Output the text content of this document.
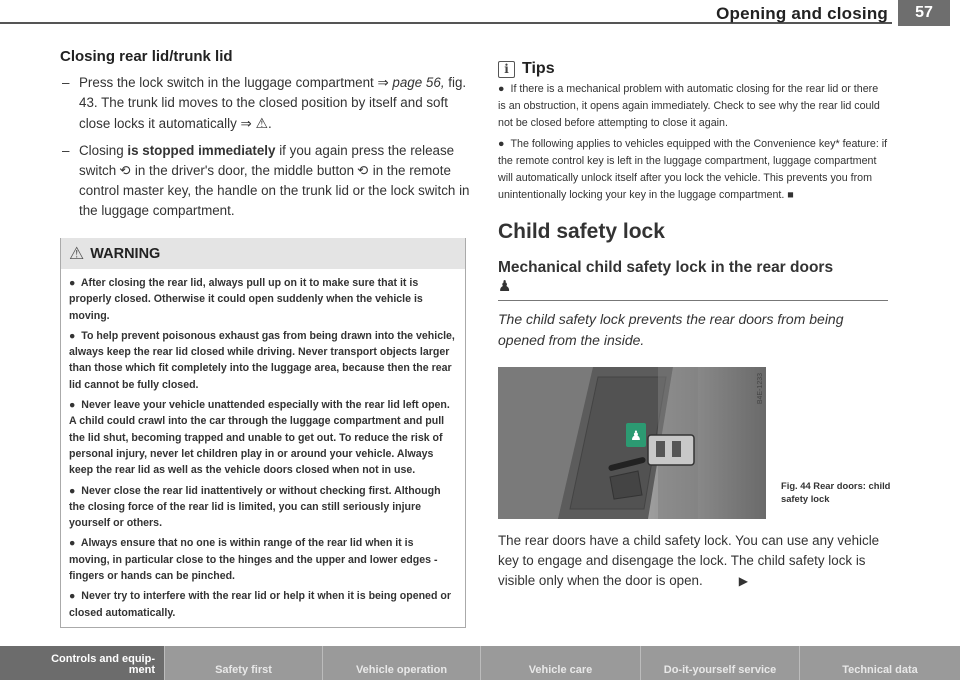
Opening and closing	57
Closing rear lid/trunk lid
– Press the lock switch in the luggage compartment ⇒ page 56, fig. 43. The trunk lid moves to the closed position by itself and soft close locks it automatically ⇒ ⚠.
– Closing is stopped immediately if you again press the release switch ⟲ in the driver's door, the middle button ⟲ in the remote control master key, the handle on the trunk lid or the lock switch in the luggage compartment.
⚠ WARNING

●  After closing the rear lid, always pull up on it to make sure that it is properly closed. Otherwise it could open suddenly when the vehicle is moving.

●  To help prevent poisonous exhaust gas from being drawn into the vehicle, always keep the rear lid closed while driving. Never transport objects larger than those which fit completely into the luggage area, because then the rear lid cannot be fully closed.

●  Never leave your vehicle unattended especially with the rear lid left open. A child could crawl into the car through the luggage compartment and pull the lid shut, becoming trapped and unable to get out. To reduce the risk of personal injury, never let children play in or around your vehicle. Always keep the rear lid as well as the vehicle doors closed when not in use.

●  Never close the rear lid inattentively or without checking first. Although the closing force of the rear lid is limited, you can still seriously injure yourself or others.

●  Always ensure that no one is within range of the rear lid when it is moving, in particular close to the hinges and the upper and lower edges - fingers or hands can be pinched.

●  Never try to interfere with the rear lid or help it when it is being opened or closed automatically.

i Tips
● If there is a mechanical problem with automatic closing for the rear lid or there is an obstruction, it opens again immediately. Check to see why the rear lid could not be closed before attempting to close it again.
● The following applies to vehicles equipped with the Convenience key* feature: if the remote control key is left in the luggage compartment, luggage compartment will automatically unlock itself after you lock the vehicle. This prevents you from unintentionally locking your key in the luggage compartment. ■
Child safety lock
Mechanical child safety lock in the rear doors
♟
The child safety lock prevents the rear doors from being opened from the inside.
♟
B4E-1233
Fig. 44 Rear doors: child safety lock
The rear doors have a child safety lock. You can use any vehicle key to engage and disengage the lock. The child safety lock is visible only when the door is open.	▶
Controls and equip-
ment	Safety first	Vehicle operation	Vehicle care	Do-it-yourself service	Technical data
